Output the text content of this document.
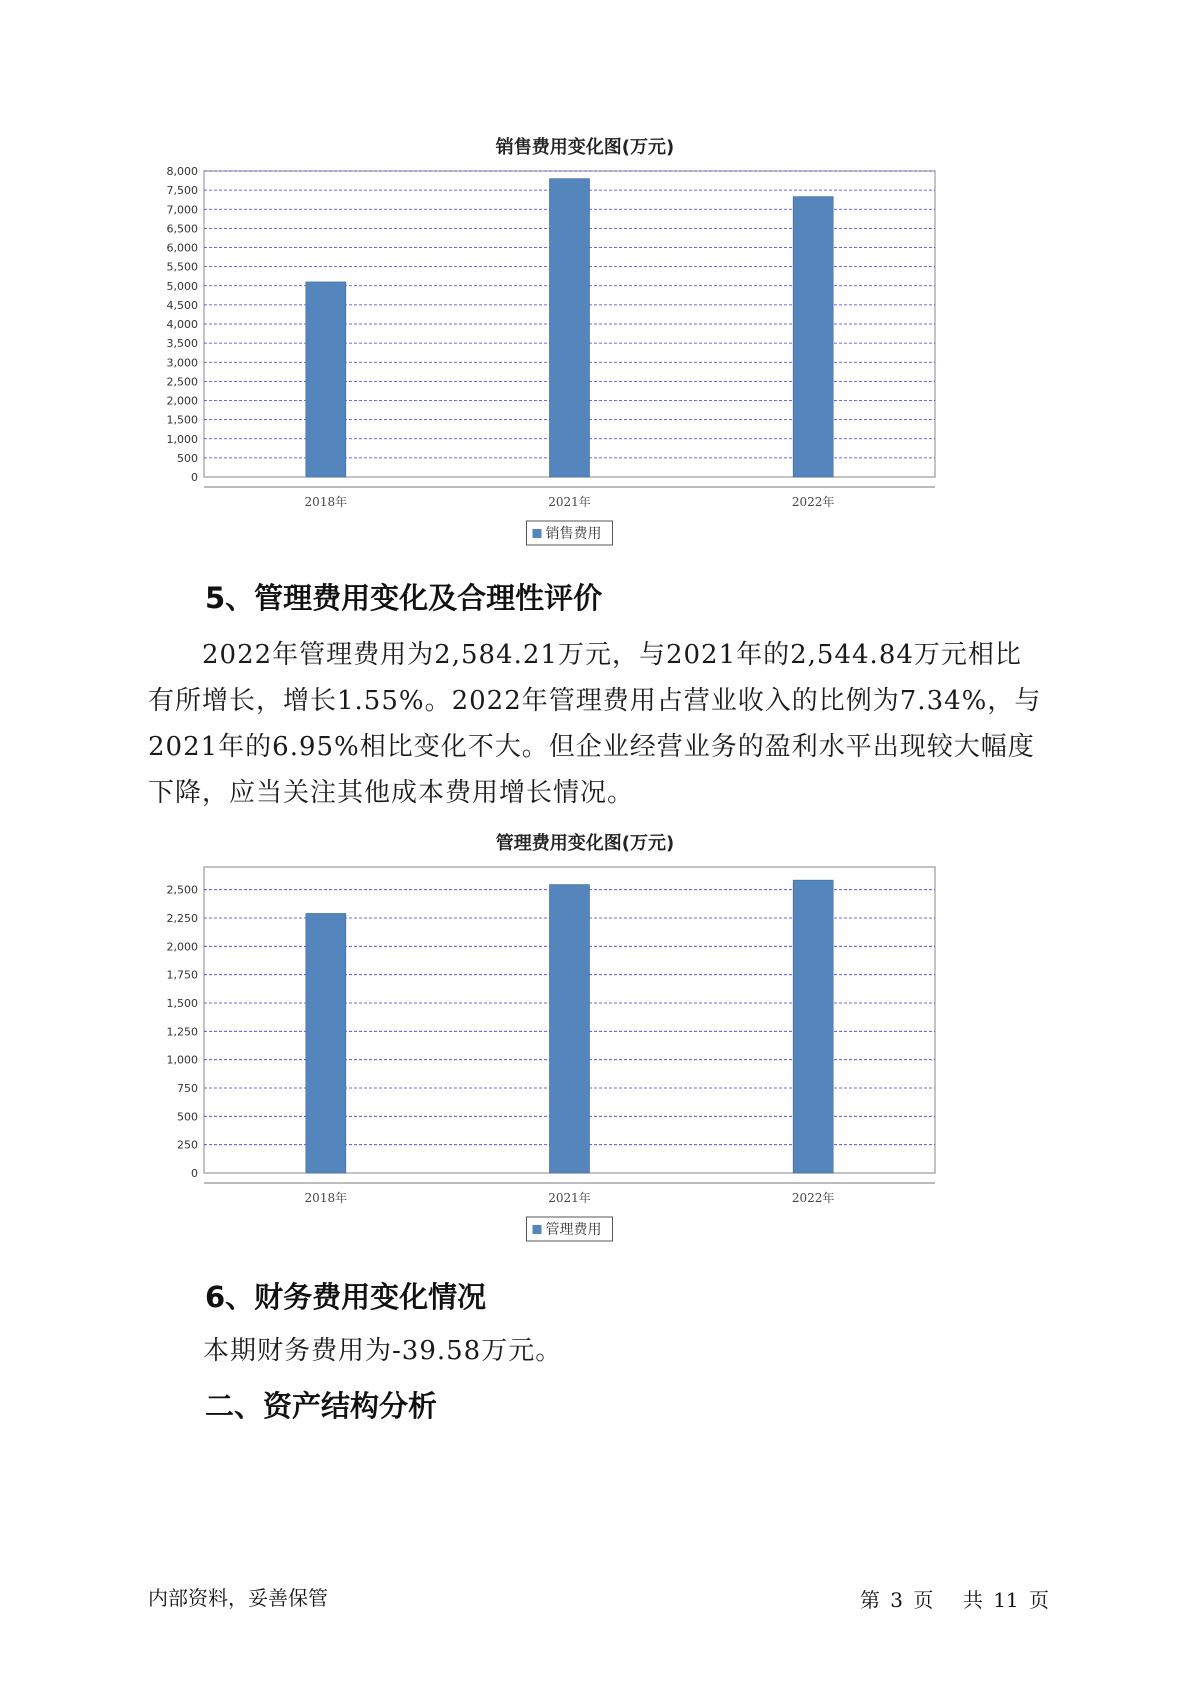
销售费用变化图(万元)
0
500
1,000
1,500
2,000
2,500
3,000
3,500
4,000
4,500
5,000
5,500
6,000
6,500
7,000
7,500
8,000
2018年	2021年	2022年
销售费用
5、管理费用变化及合理性评价
2022年管理费用为2,584.21万元，与2021年的2,544.84万元相比有所增长，增长1.55%。2022年管理费用占营业收入的比例为7.34%，与2021年的6.95%相比变化不大。但企业经营业务的盈利水平出现较大幅度下降，应当关注其他成本费用增长情况。
管理费用变化图(万元)
0
250
500
750
1,000
1,250
1,500
1,750
2,000
2,250
2,500
2018年	2021年	2022年
管理费用
6、财务费用变化情况
本期财务费用为-39.58万元。
二、资产结构分析
内部资料，妥善保管	第 3 页 共 11 页
